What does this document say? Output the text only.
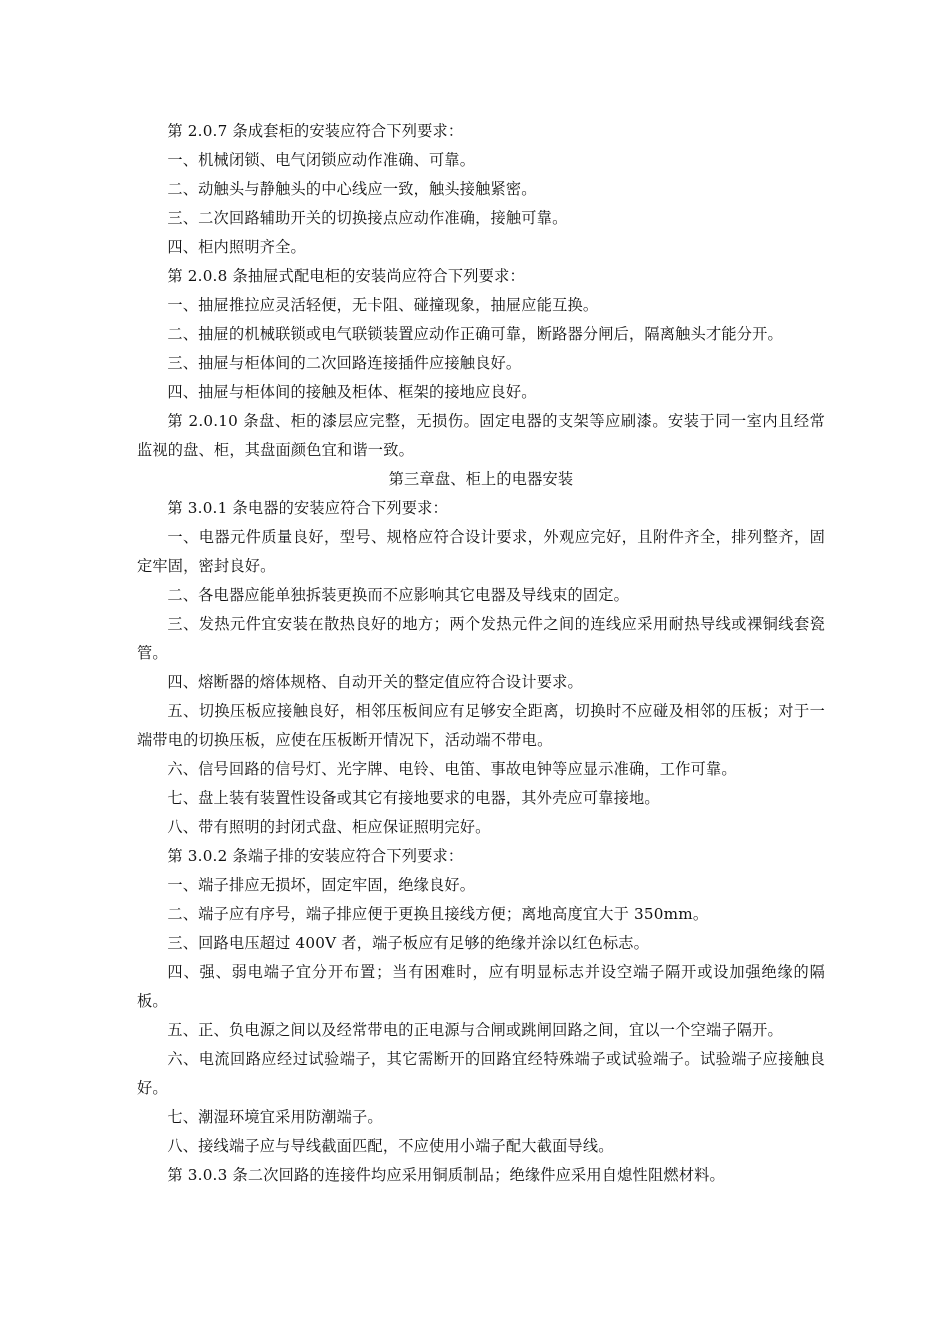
第 2.0.7 条成套柜的安装应符合下列要求：

一、机械闭锁、电气闭锁应动作准确、可靠。

二、动触头与静触头的中心线应一致，触头接触紧密。

三、二次回路辅助开关的切换接点应动作准确，接触可靠。

四、柜内照明齐全。

第 2.0.8 条抽屉式配电柜的安装尚应符合下列要求：

一、抽屉推拉应灵活轻便，无卡阻、碰撞现象，抽屉应能互换。

二、抽屉的机械联锁或电气联锁装置应动作正确可靠，断路器分闸后，隔离触头才能分开。

三、抽屉与柜体间的二次回路连接插件应接触良好。

四、抽屉与柜体间的接触及柜体、框架的接地应良好。

第 2.0.10 条盘、柜的漆层应完整，无损伤。固定电器的支架等应刷漆。安装于同一室内且经常监视的盘、柜，其盘面颜色宜和谐一致。

第三章盘、柜上的电器安装

第 3.0.1 条电器的安装应符合下列要求：

一、电器元件质量良好，型号、规格应符合设计要求，外观应完好，且附件齐全，排列整齐，固定牢固，密封良好。

二、各电器应能单独拆装更换而不应影响其它电器及导线束的固定。

三、发热元件宜安装在散热良好的地方；两个发热元件之间的连线应采用耐热导线或裸铜线套瓷管。

四、熔断器的熔体规格、自动开关的整定值应符合设计要求。

五、切换压板应接触良好，相邻压板间应有足够安全距离，切换时不应碰及相邻的压板；对于一端带电的切换压板，应使在压板断开情况下，活动端不带电。

六、信号回路的信号灯、光字牌、电铃、电笛、事故电钟等应显示准确，工作可靠。

七、盘上装有装置性设备或其它有接地要求的电器，其外壳应可靠接地。

八、带有照明的封闭式盘、柜应保证照明完好。

第 3.0.2 条端子排的安装应符合下列要求：

一、端子排应无损坏，固定牢固，绝缘良好。

二、端子应有序号，端子排应便于更换且接线方便；离地高度宜大于 350mm。

三、回路电压超过 400V 者，端子板应有足够的绝缘并涂以红色标志。

四、强、弱电端子宜分开布置；当有困难时，应有明显标志并设空端子隔开或设加强绝缘的隔板。

五、正、负电源之间以及经常带电的正电源与合闸或跳闸回路之间，宜以一个空端子隔开。

六、电流回路应经过试验端子，其它需断开的回路宜经特殊端子或试验端子。试验端子应接触良好。

七、潮湿环境宜采用防潮端子。

八、接线端子应与导线截面匹配，不应使用小端子配大截面导线。

第 3.0.3 条二次回路的连接件均应采用铜质制品；绝缘件应采用自熄性阻燃材料。
